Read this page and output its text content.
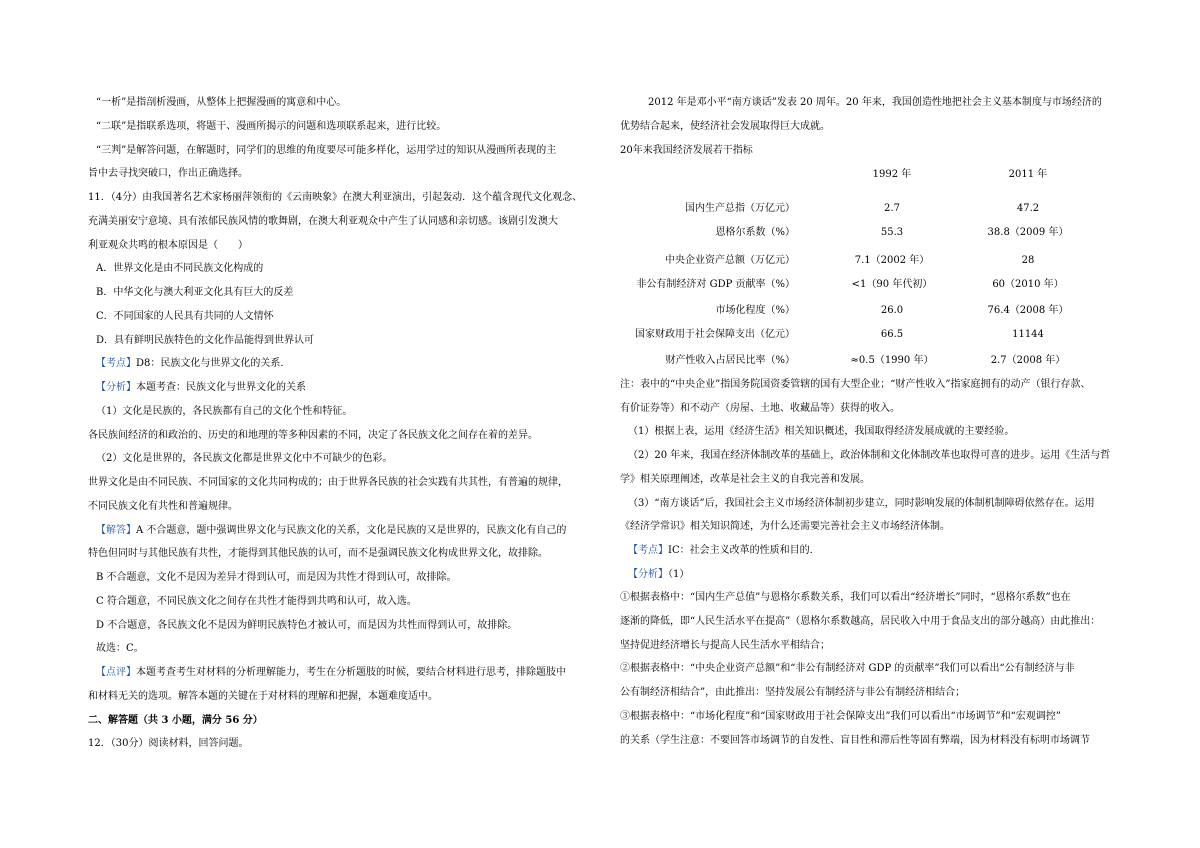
“一析”是指剖析漫画，从整体上把握漫画的寓意和中心。
“二联”是指联系选项，将题干、漫画所揭示的问题和选项联系起来，进行比较。
“三判”是解答问题，在解题时，同学们的思维的角度要尽可能多样化，运用学过的知识从漫画所表现的主
旨中去寻找突破口，作出正确选择。
11．（4分）由我国著名艺术家杨丽萍领衔的《云南映象》在澳大利亚演出，引起轰动．这个蕴含现代文化观念、
充满美丽安宁意境、具有浓郁民族风情的歌舞剧，在澳大利亚观众中产生了认同感和亲切感。该剧引发澳大
利亚观众共鸣的根本原因是（　　）
A．世界文化是由不同民族文化构成的
B．中华文化与澳大利亚文化具有巨大的反差
C．不同国家的人民具有共同的人文情怀
D．具有鲜明民族特色的文化作品能得到世界认可
【考点】D8：民族文化与世界文化的关系．
【分析】本题考查：民族文化与世界文化的关系
（1）文化是民族的，各民族都有自己的文化个性和特征。
各民族间经济的和政治的、历史的和地理的等多种因素的不同，决定了各民族文化之间存在着的差异。
（2）文化是世界的，各民族文化都是世界文化中不可缺少的色彩。
世界文化是由不同民族、不同国家的文化共同构成的；由于世界各民族的社会实践有共其性，有普遍的规律，
不同民族文化有共性和普遍规律。
【解答】A 不合题意，题中强调世界文化与民族文化的关系，文化是民族的又是世界的，民族文化有自己的
特色但同时与其他民族有共性，才能得到其他民族的认可，而不是强调民族文化构成世界文化，故排除。
B 不合题意，文化不是因为差异才得到认可，而是因为共性才得到认可，故排除。
C 符合题意，不同民族文化之间存在共性才能得到共鸣和认可，故入选。
D 不合题意，各民族文化不是因为鲜明民族特色才被认可，而是因为共性而得到认可，故排除。
故选：C。
【点评】本题考查考生对材料的分析理解能力，考生在分析题肢的时候，要结合材料进行思考，排除题肢中
和材料无关的选项。解答本题的关键在于对材料的理解和把握，本题难度适中。
二、解答题（共 3 小题，满分 56 分）
12．（30分）阅读材料，回答问题。
2012 年是邓小平“南方谈话”发表 20 周年。20 年来，我国创造性地把社会主义基本制度与市场经济的
优势结合起来，使经济社会发展取得巨大成就。
20年来我国经济发展若干指标
1992 年	2011 年
国内生产总指（万亿元）	2.7	47.2
恩格尔系数（%）	55.3	38.8（2009 年）
中央企业资产总额（万亿元）	7.1（2002 年）	28
非公有制经济对 GDP 贡献率（%）	<1（90 年代初）	60（2010 年）
市场化程度（%）	26.0	76.4（2008 年）
国家财政用于社会保障支出（亿元）	66.5	11144
财产性收入占居民比率（%）	≈0.5（1990 年）	2.7（2008 年）
注：表中的“中央企业”指国务院国资委管辖的国有大型企业；“财产性收入”指家庭拥有的动产（银行存款、
有价证券等）和不动产（房屋、土地、收藏品等）获得的收入。
（1）根据上表，运用《经济生活》相关知识概述，我国取得经济发展成就的主要经验。
（2）20 年来，我国在经济体制改革的基础上，政治体制和文化体制改革也取得可喜的进步。运用《生活与哲
学》相关原理阐述，改革是社会主义的自我完善和发展。
（3）“南方谈话”后，我国社会主义市场经济体制初步建立，同时影响发展的体制机制障碍依然存在。运用
《经济学常识》相关知识简述，为什么还需要完善社会主义市场经济体制。
【考点】IC：社会主义改革的性质和目的．
【分析】（1）
①根据表格中：“国内生产总值”与恩格尔系数关系，我们可以看出“经济增长”同时，“恩格尔系数”也在
逐渐的降低，即“人民生活水平在提高”（恩格尔系数越高，居民收入中用于食品支出的部分越高）由此推出：
坚持促进经济增长与提高人民生活水平相结合；
②根据表格中：“中央企业资产总额”和“非公有制经济对 GDP 的贡献率”我们可以看出“公有制经济与非
公有制经济相结合”，由此推出：坚持发展公有制经济与非公有制经济相结合；
③根据表格中：“市场化程度”和“国家财政用于社会保障支出”我们可以看出“市场调节”和“宏观调控”
的关系（学生注意：不要回答市场调节的自发性、盲目性和滞后性等固有弊端，因为材料没有标明市场调节
